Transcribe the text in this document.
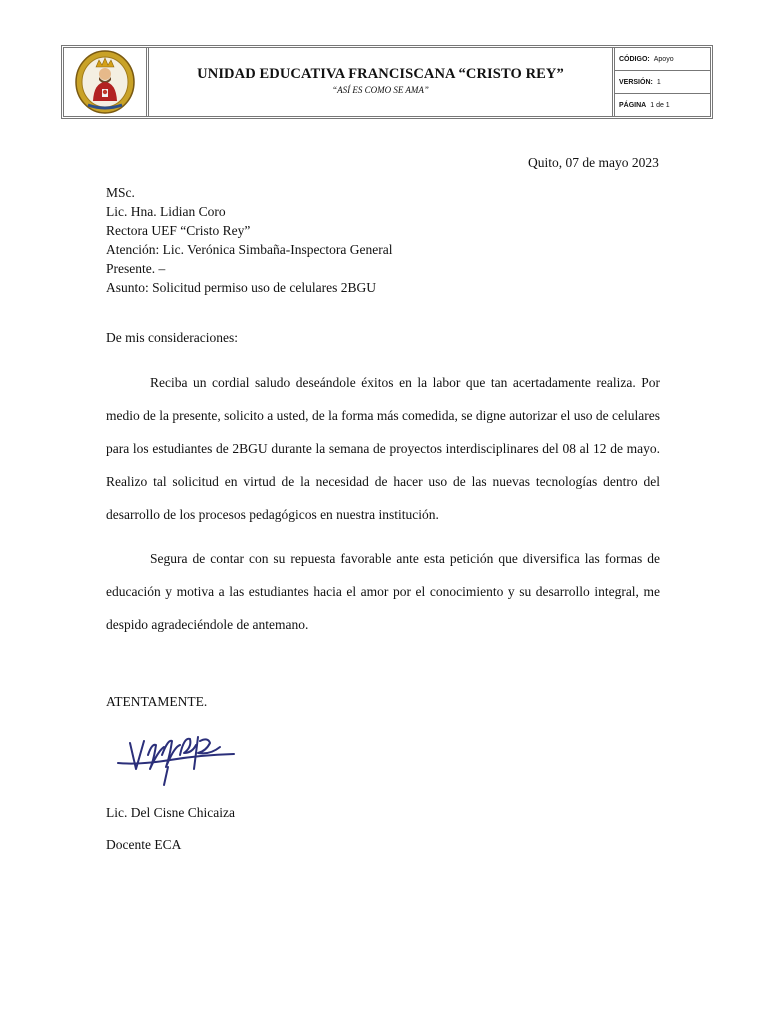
UNIDAD EDUCATIVA FRANCISCANA “CRISTO REY”
“ASÍ ES COMO SE AMA”
CÓDIGO: Apoyo
VERSIÓN: 1
PÁGINA 1 de 1
Quito, 07 de mayo 2023
MSc.
Lic. Hna. Lidian Coro
Rectora UEF “Cristo Rey”
Atención: Lic. Verónica Simbaña-Inspectora General
Presente. –
Asunto: Solicitud permiso uso de celulares 2BGU
De mis consideraciones:
Reciba un cordial saludo deseándole éxitos en la labor que tan acertadamente realiza. Por medio de la presente, solicito a usted, de la forma más comedida, se digne autorizar el uso de celulares para los estudiantes de 2BGU durante la semana de proyectos interdisciplinares del 08 al 12 de mayo. Realizo tal solicitud en virtud de la necesidad de hacer uso de las nuevas tecnologías dentro del desarrollo de los procesos pedagógicos en nuestra institución.
Segura de contar con su repuesta favorable ante esta petición que diversifica las formas de educación y motiva a las estudiantes hacia el amor por el conocimiento y su desarrollo integral, me despido agradeciéndole de antemano.
ATENTAMENTE.
Lic. Del Cisne Chicaiza
Docente ECA
